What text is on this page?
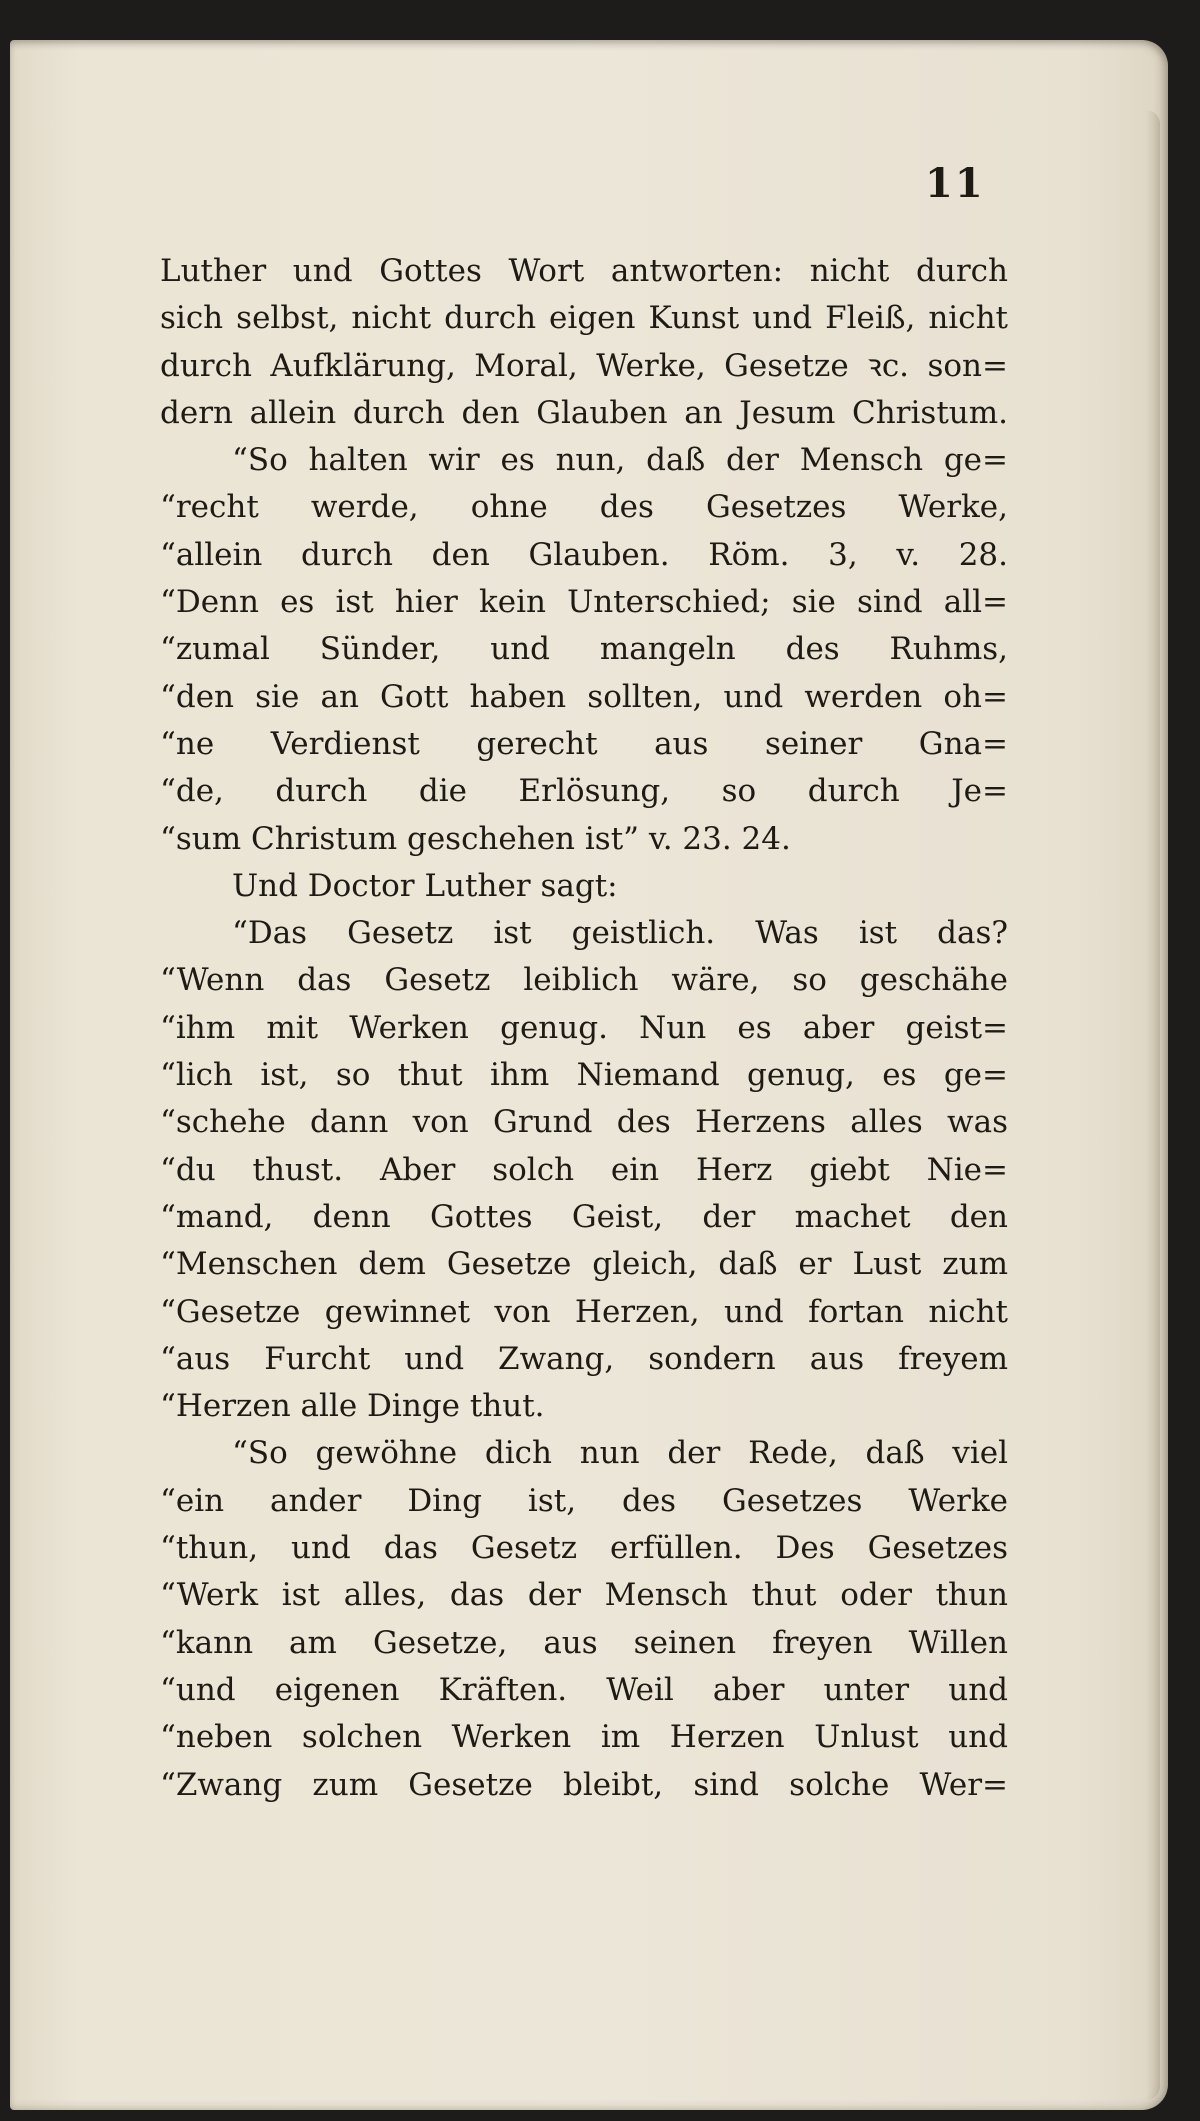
11
Luther und Gottes Wort antworten: nicht durch
sich selbst, nicht durch eigen Kunst und Fleiß, nicht
durch Aufklärung, Moral, Werke, Gesetze ꝛc. son=
dern allein durch den Glauben an Jesum Christum.
“So halten wir es nun, daß der Mensch ge=
“recht werde, ohne des Gesetzes Werke,
“allein durch den Glauben. Röm. 3, v. 28.
“Denn es ist hier kein Unterschied; sie sind all=
“zumal Sünder, und mangeln des Ruhms,
“den sie an Gott haben sollten, und werden oh=
“ne Verdienst gerecht aus seiner Gna=
“de, durch die Erlösung, so durch Je=
“sum Christum geschehen ist” v. 23. 24.
Und Doctor Luther sagt:
“Das Gesetz ist geistlich. Was ist das?
“Wenn das Gesetz leiblich wäre, so geschähe
“ihm mit Werken genug. Nun es aber geist=
“lich ist, so thut ihm Niemand genug, es ge=
“schehe dann von Grund des Herzens alles was
“du thust. Aber solch ein Herz giebt Nie=
“mand, denn Gottes Geist, der machet den
“Menschen dem Gesetze gleich, daß er Lust zum
“Gesetze gewinnet von Herzen, und fortan nicht
“aus Furcht und Zwang, sondern aus freyem
“Herzen alle Dinge thut.
“So gewöhne dich nun der Rede, daß viel
“ein ander Ding ist, des Gesetzes Werke
“thun, und das Gesetz erfüllen. Des Gesetzes
“Werk ist alles, das der Mensch thut oder thun
“kann am Gesetze, aus seinen freyen Willen
“und eigenen Kräften. Weil aber unter und
“neben solchen Werken im Herzen Unlust und
“Zwang zum Gesetze bleibt, sind solche Wer=
